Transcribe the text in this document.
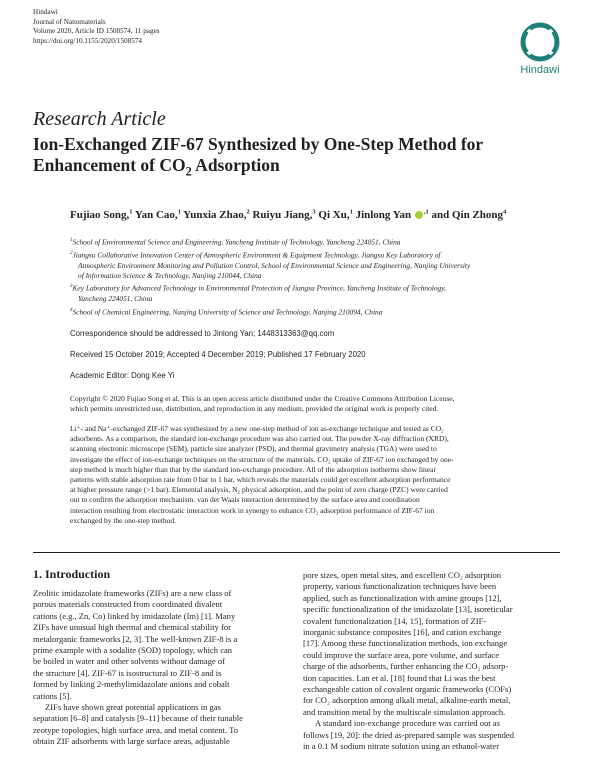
Hindawi
Journal of Nanomaterials
Volume 2020, Article ID 1508574, 11 pages
https://doi.org/10.1155/2020/1508574
Hindawi
Research Article
Ion-Exchanged ZIF-67 Synthesized by One-Step Method for
Enhancement of $CO_2$ Adsorption
Fujiao Song,$^1$ Yan Cao,$^1$ Yunxia Zhao,$^2$ Ruiyu Jiang,$^3$ Qi Xu,$^1$ Jinlong Yan $^{,1}$ and Qin Zhong$^4$
$^1$School of Environmental Science and Engineering, Yancheng Institute of Technology, Yancheng 224051, China
$^2$Jiangsu Collaborative Innovation Center of Atmospheric Environment & Equipment Technology, Jiangsu Key Laboratory of
Atmospheric Environment Monitoring and Pollution Control, School of Environmental Science and Engineering, Nanjing University
of Information Science & Technology, Nanjing 210044, China
$^3$Key Laboratory for Advanced Technology in Environmental Protection of Jiangsu Province, Yancheng Institute of Technology,
Yancheng 224051, China
$^4$School of Chemical Engineering, Nanjing University of Science and Technology, Nanjing 210094, China
Correspondence should be addressed to Jinlong Yan; 1448313363@qq.com
Received 15 October 2019; Accepted 4 December 2019; Published 17 February 2020
Academic Editor: Dong Kee Yi
Copyright © 2020 Fujiao Song et al. This is an open access article distributed under the Creative Commons Attribution License,
which permits unrestricted use, distribution, and reproduction in any medium, provided the original work is properly cited.
Li⁺- and Na⁺-exchanged ZIF-67 was synthesized by a new one-step method of ion as-exchange technique and tested as CO₂
adsorbents. As a comparison, the standard ion-exchange procedure was also carried out. The powder X-ray diffraction (XRD),
scanning electronic microscope (SEM), particle size analyzer (PSD), and thermal gravimetry analysis (TGA) were used to
investigate the effect of ion-exchange techniques on the structure of the materials. CO₂ uptake of ZIF-67 ion exchanged by one-
step method is much higher than that by the standard ion-exchange procedure. All of the adsorption isotherms show linear
patterns with stable adsorption rate from 0 bar to 1 bar, which reveals the materials could get excellent adsorption performance
at higher pressure range (>1 bar). Elemental analysis, N₂ physical adsorption, and the point of zero charge (PZC) were carried
out to confirm the adsorption mechanism. van der Waals interaction determined by the surface area and coordination
interaction resulting from electrostatic interaction work in synergy to enhance CO₂ adsorption performance of ZIF-67 ion
exchanged by the one-step method.
1. Introduction
Zeolitic imidazolate frameworks (ZIFs) are a new class of
porous materials constructed from coordinated divalent
cations (e.g., Zn, Co) linked by imidazolate (Im) [1]. Many
ZIFs have unusual high thermal and chemical stability for
metalorganic frameworks [2, 3]. The well-known ZIF-8 is a
prime example with a sodalite (SOD) topology, which can
be boiled in water and other solvents without damage of
the structure [4]. ZIF-67 is isostructural to ZIF-8 and is
formed by linking 2-methylimidazolate anions and cobalt
cations [5].
ZIFs have shown great potential applications in gas
separation [6–8] and catalysis [9–11] because of their tunable
zeotype topologies, high surface area, and metal content. To
obtain ZIF adsorbents with large surface areas, adjustable
pore sizes, open metal sites, and excellent CO₂ adsorption
property, various functionalization techniques have been
applied, such as functionalization with amine groups [12],
specific functionalization of the imidazolate [13], isoreticular
covalent functionalization [14, 15], formation of ZIF-
inorganic substance composites [16], and cation exchange
[17]. Among these functionalization methods, ion exchange
could improve the surface area, pore volume, and surface
charge of the adsorbents, further enhancing the CO₂ adsorp-
tion capacities. Lan et al. [18] found that Li was the best
exchangeable cation of covalent organic frameworks (COFs)
for CO₂ adsorption among alkali metal, alkaline-earth metal,
and transition metal by the multiscale simulation approach.
A standard ion-exchange procedure was carried out as
follows [19, 20]: the dried as-prepared sample was suspended
in a 0.1 M sodium nitrate solution using an ethanol-water
